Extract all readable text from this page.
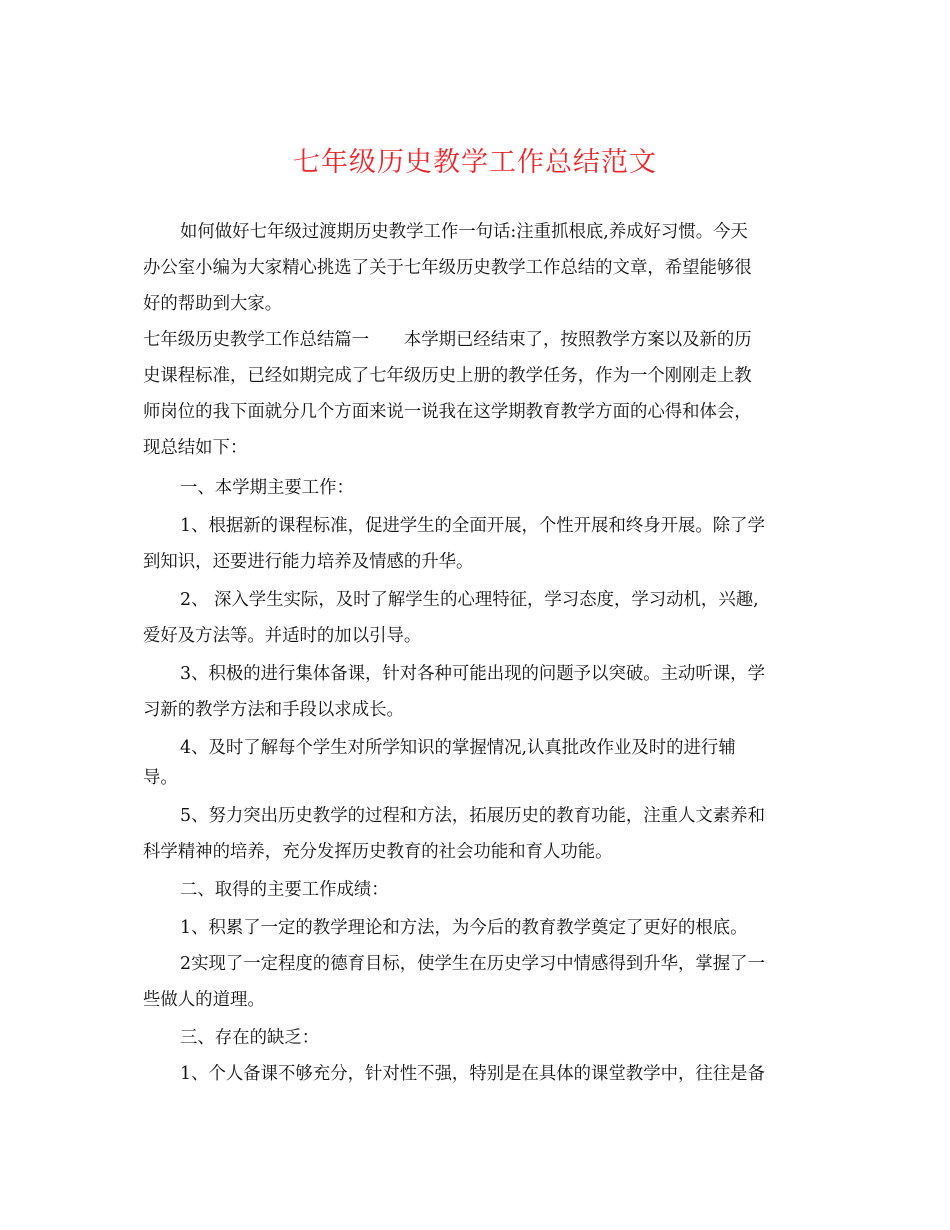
七年级历史教学工作总结范文
如何做好七年级过渡期历史教学工作一句话:注重抓根底,养成好习惯。今天
办公室小编为大家精心挑选了关于七年级历史教学工作总结的文章，希望能够很
好的帮助到大家。
七年级历史教学工作总结篇一　　本学期已经结束了，按照教学方案以及新的历
史课程标准，已经如期完成了七年级历史上册的教学任务，作为一个刚刚走上教
师岗位的我下面就分几个方面来说一说我在这学期教育教学方面的心得和体会，
现总结如下：
一、本学期主要工作：
1、根据新的课程标准，促进学生的全面开展，个性开展和终身开展。除了学
到知识，还要进行能力培养及情感的升华。
2、 深入学生实际，及时了解学生的心理特征，学习态度，学习动机，兴趣,
爱好及方法等。并适时的加以引导。
3、积极的进行集体备课，针对各种可能出现的问题予以突破。主动听课，学
习新的教学方法和手段以求成长。
4、及时了解每个学生对所学知识的掌握情况,认真批改作业及时的进行辅
导。
5、努力突出历史教学的过程和方法，拓展历史的教育功能，注重人文素养和
科学精神的培养，充分发挥历史教育的社会功能和育人功能。
二、取得的主要工作成绩：
1、积累了一定的教学理论和方法，为今后的教育教学奠定了更好的根底。
2实现了一定程度的德育目标，使学生在历史学习中情感得到升华，掌握了一
些做人的道理。
三、存在的缺乏：
1、个人备课不够充分，针对性不强，特别是在具体的课堂教学中，往往是备
